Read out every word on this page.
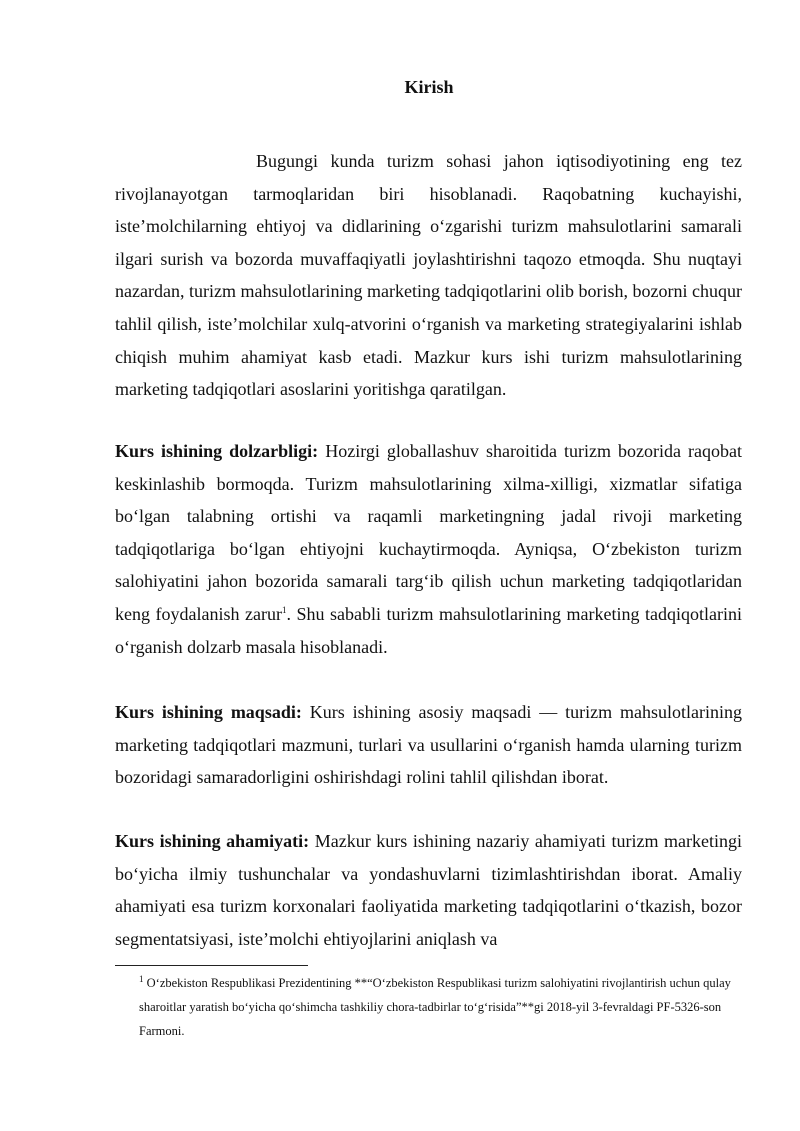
Kirish

Bugungi kunda turizm sohasi jahon iqtisodiyotining eng tez rivojlanayotgan tarmoqlaridan biri hisoblanadi. Raqobatning kuchayishi, iste’molchilarning ehtiyoj va didlarining o‘zgarishi turizm mahsulotlarini samarali ilgari surish va bozorda muvaffaqiyatli joylashtirishni taqozo etmoqda. Shu nuqtayi nazardan, turizm mahsulotlarining marketing tadqiqotlarini olib borish, bozorni chuqur tahlil qilish, iste’molchilar xulq-atvorini o‘rganish va marketing strategiyalarini ishlab chiqish muhim ahamiyat kasb etadi. Mazkur kurs ishi turizm mahsulotlarining marketing tadqiqotlari asoslarini yoritishga qaratilgan.

Kurs ishining dolzarbligi: Hozirgi globallashuv sharoitida turizm bozorida raqobat keskinlashib bormoqda. Turizm mahsulotlarining xilma-xilligi, xizmatlar sifatiga bo‘lgan talabning ortishi va raqamli marketingning jadal rivoji marketing tadqiqotlariga bo‘lgan ehtiyojni kuchaytirmoqda. Ayniqsa, O‘zbekiston turizm salohiyatini jahon bozorida samarali targ‘ib qilish uchun marketing tadqiqotlaridan keng foydalanish zarur$^1$. Shu sababli turizm mahsulotlarining marketing tadqiqotlarini o‘rganish dolzarb masala hisoblanadi.

Kurs ishining maqsadi: Kurs ishining asosiy maqsadi — turizm mahsulotlarining marketing tadqiqotlari mazmuni, turlari va usullarini o‘rganish hamda ularning turizm bozoridagi samaradorligini oshirishdagi rolini tahlil qilishdan iborat.

Kurs ishining ahamiyati: Mazkur kurs ishining nazariy ahamiyati turizm marketingi bo‘yicha ilmiy tushunchalar va yondashuvlarni tizimlashtirishdan iborat. Amaliy ahamiyati esa turizm korxonalari faoliyatida marketing tadqiqotlarini o‘tkazish, bozor segmentatsiyasi, iste’molchi ehtiyojlarini aniqlash va

$^1$ O‘zbekiston Respublikasi Prezidentining **“O‘zbekiston Respublikasi turizm salohiyatini rivojlantirish uchun qulay sharoitlar yaratish bo‘yicha qo‘shimcha tashkiliy chora-tadbirlar to‘g‘risida”**gi 2018-yil 3-fevraldagi PF-5326-son Farmoni.
